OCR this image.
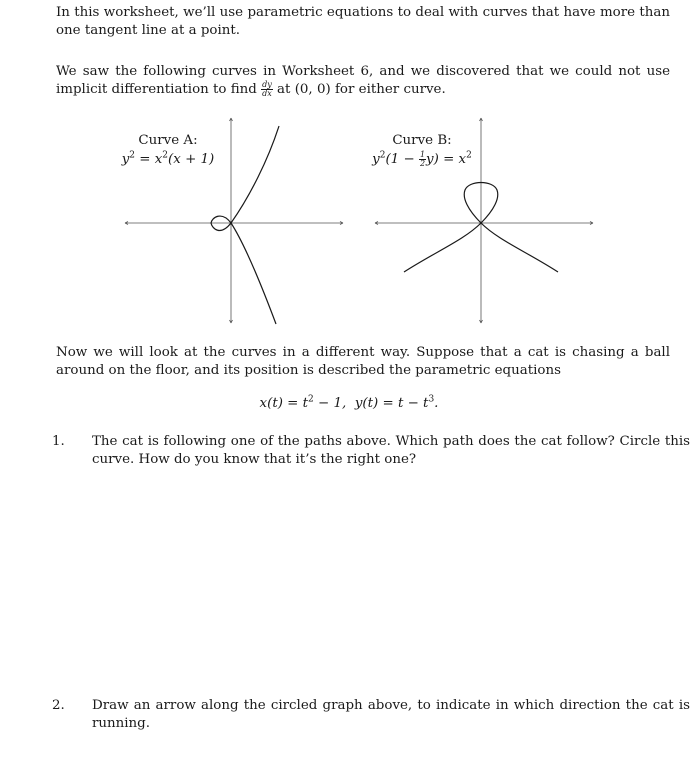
In this worksheet, we’ll use parametric equations to deal with curves that have more than one tangent line at a point.

We saw the following curves in Worksheet 6, and we discovered that we could not use implicit differentiation to find $\frac{dy}{dx}$ at (0, 0) for either curve.

Curve A:
$y^2 = x^2(x + 1)$
Curve B:
$y^2(1 - \frac{1}{2} y) = x^2$

Now we will look at the curves in a different way. Suppose that a cat is chasing a ball around on the floor, and its position is described the parametric equations

$x(t) = t^2 - 1$, $y(t) = t - t^3$.

1. The cat is following one of the paths above. Which path does the cat follow? Circle this curve. How do you know that it’s the right one?

2. Draw an arrow along the circled graph above, to indicate in which direction the cat is running.
